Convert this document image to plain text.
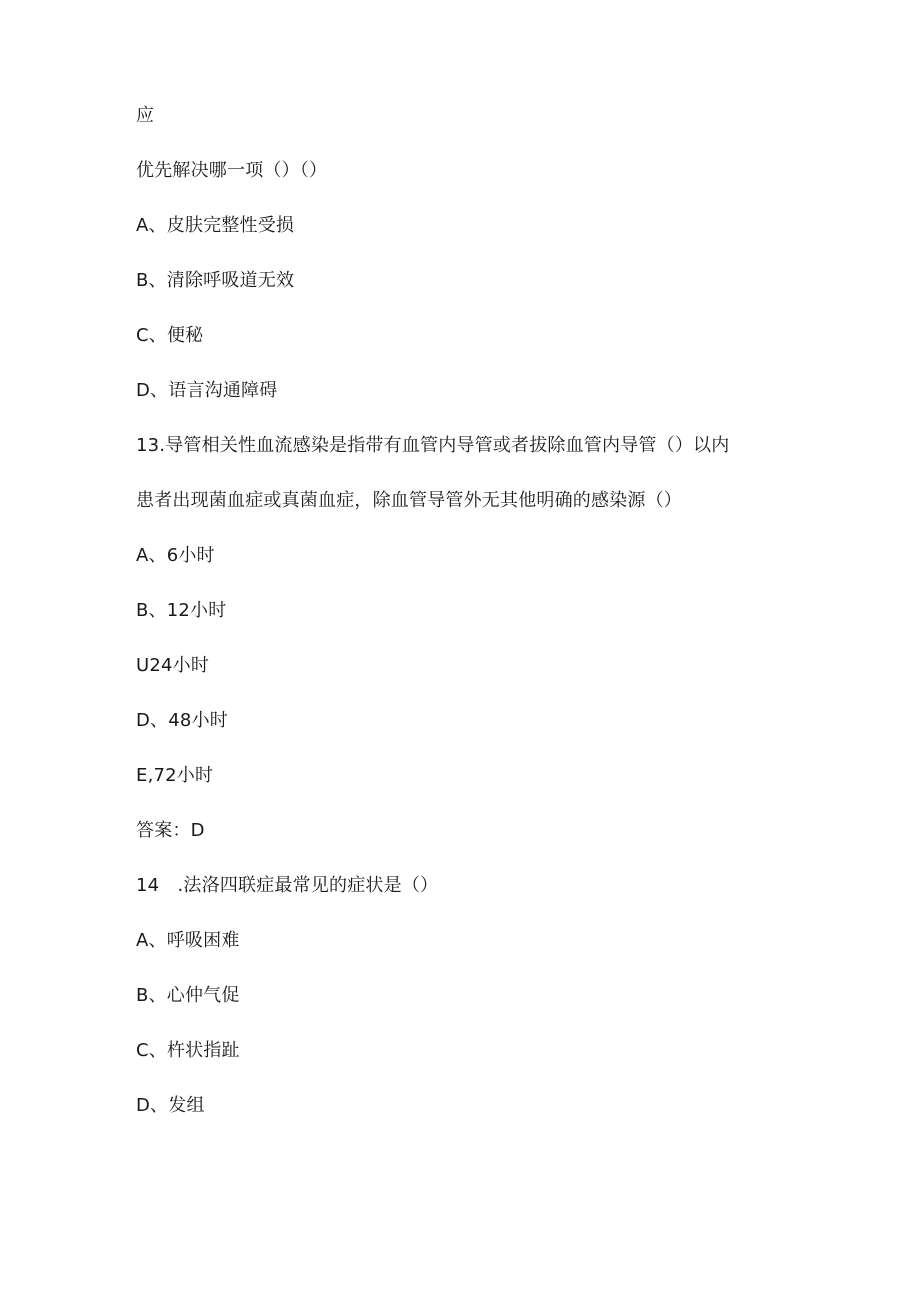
应
优先解决哪一项（）（）
A、皮肤完整性受损
B、清除呼吸道无效
C、便秘
D、语言沟通障碍
13.导管相关性血流感染是指带有血管内导管或者拔除血管内导管（）以内
患者出现菌血症或真菌血症，除血管导管外无其他明确的感染源（）
A、6小时
B、12小时
U24小时
D、48小时
E,72小时
答案：D
14　.法洛四联症最常见的症状是（）
A、呼吸困难
B、心仲气促
C、杵状指趾
D、发组
